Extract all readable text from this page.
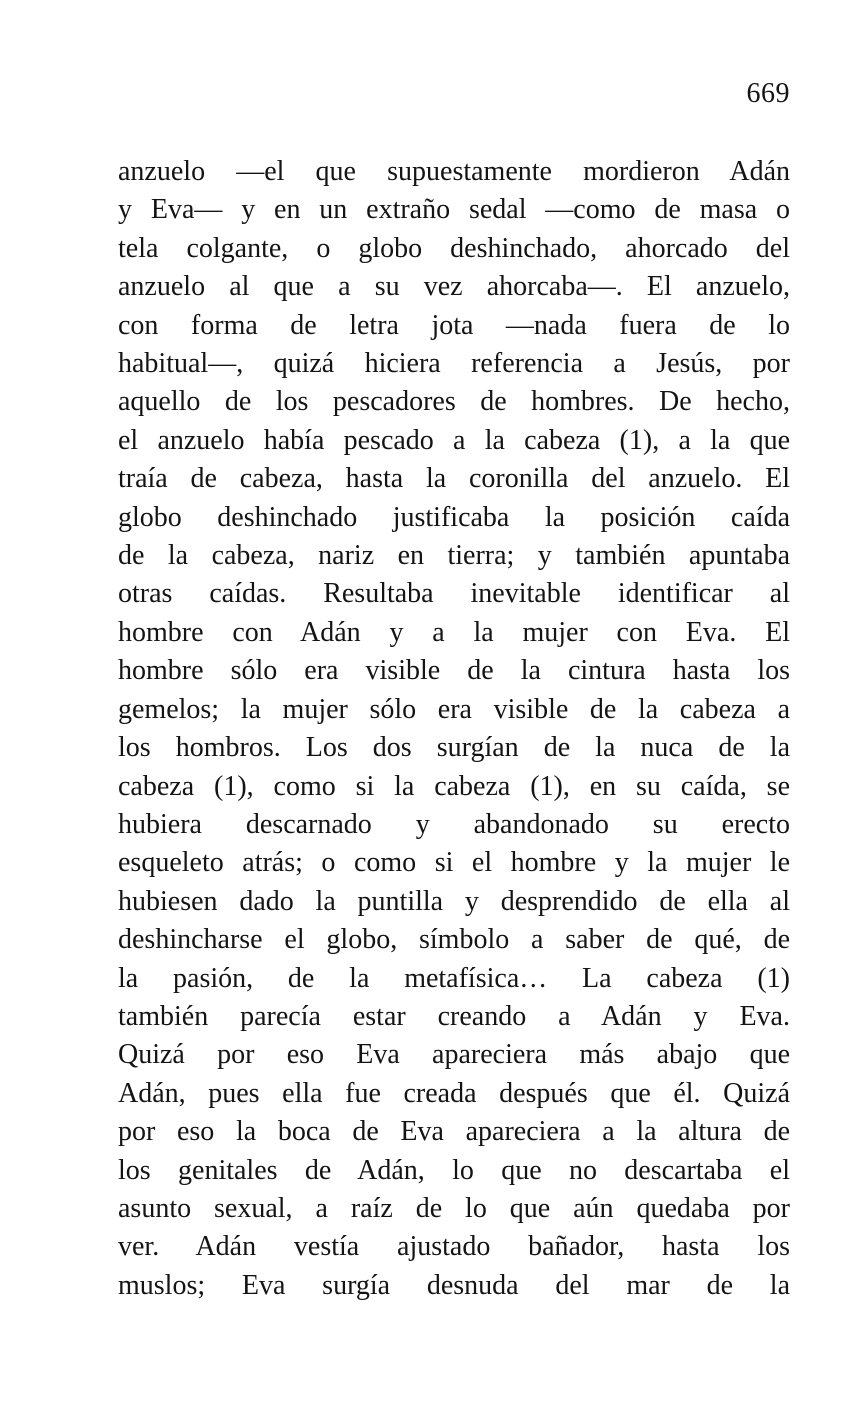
669
anzuelo —el que supuestamente mordieron Adán
y Eva— y en un extraño sedal —como de masa o
tela colgante, o globo deshinchado, ahorcado del
anzuelo al que a su vez ahorcaba—. El anzuelo,
con forma de letra jota —nada fuera de lo
habitual—, quizá hiciera referencia a Jesús, por
aquello de los pescadores de hombres. De hecho,
el anzuelo había pescado a la cabeza (1), a la que
traía de cabeza, hasta la coronilla del anzuelo. El
globo deshinchado justificaba la posición caída
de la cabeza, nariz en tierra; y también apuntaba
otras caídas. Resultaba inevitable identificar al
hombre con Adán y a la mujer con Eva. El
hombre sólo era visible de la cintura hasta los
gemelos; la mujer sólo era visible de la cabeza a
los hombros. Los dos surgían de la nuca de la
cabeza (1), como si la cabeza (1), en su caída, se
hubiera descarnado y abandonado su erecto
esqueleto atrás; o como si el hombre y la mujer le
hubiesen dado la puntilla y desprendido de ella al
deshincharse el globo, símbolo a saber de qué, de
la pasión, de la metafísica… La cabeza (1)
también parecía estar creando a Adán y Eva.
Quizá por eso Eva apareciera más abajo que
Adán, pues ella fue creada después que él. Quizá
por eso la boca de Eva apareciera a la altura de
los genitales de Adán, lo que no descartaba el
asunto sexual, a raíz de lo que aún quedaba por
ver. Adán vestía ajustado bañador, hasta los
muslos; Eva surgía desnuda del mar de la
